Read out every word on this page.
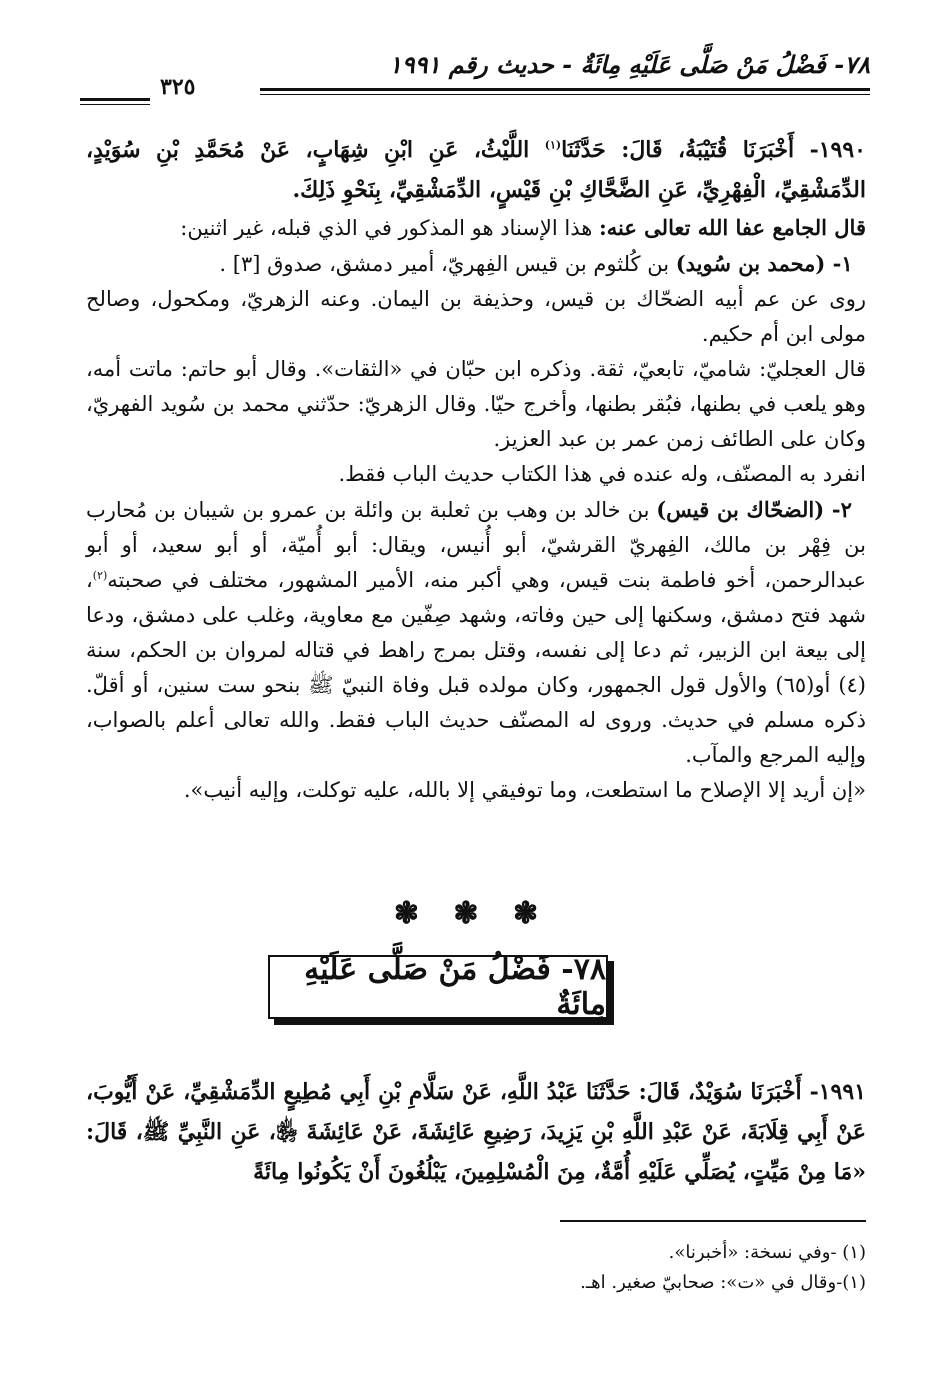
٧٨- فَضْلُ مَنْ صَلَّى عَلَيْهِ مِائَةٌ - حديث رقم ١٩٩١
٣٢٥

١٩٩٠- أَخْبَرَنَا قُتَيْبَةُ، قَالَ: حَدَّثَنَا$^{(١)}$ اللَّيْثُ، عَنِ ابْنِ شِهَابٍ، عَنْ مُحَمَّدِ بْنِ سُوَيْدٍ، الدِّمَشْقِيِّ، الْفِهْرِيِّ، عَنِ الضَّحَّاكِ بْنِ قَيْسٍ، الدِّمَشْقِيِّ، بِنَحْوِ ذَلِكَ.

قال الجامع عفا الله تعالى عنه: هذا الإسناد هو المذكور في الذي قبله، غير اثنين:

١- (محمد بن سُويد) بن كُلثوم بن قيس الفِهريّ، أمير دمشق، صدوق [٣] .

روى عن عم أبيه الضحّاك بن قيس، وحذيفة بن اليمان. وعنه الزهريّ، ومكحول، وصالح مولى ابن أم حكيم.

قال العجليّ: شاميّ، تابعيّ، ثقة. وذكره ابن حبّان في «الثقات». وقال أبو حاتم: ماتت أمه، وهو يلعب في بطنها، فبُقر بطنها، وأخرج حيّا. وقال الزهريّ: حدّثني محمد بن سُويد الفهريّ، وكان على الطائف زمن عمر بن عبد العزيز.

انفرد به المصنّف، وله عنده في هذا الكتاب حديث الباب فقط.

٢- (الضحّاك بن قيس) بن خالد بن وهب بن ثعلبة بن وائلة بن عمرو بن شيبان بن مُحارب بن فِهْر بن مالك، الفِهريّ القرشيّ، أبو أُنيس، ويقال: أبو أُميّة، أو أبو سعيد، أو أبو عبدالرحمن، أخو فاطمة بنت قيس، وهي أكبر منه، الأمير المشهور، مختلف في صحبته$^{(٢)}$، شهد فتح دمشق، وسكنها إلى حين وفاته، وشهد صِفّين مع معاوية، وغلب على دمشق، ودعا إلى بيعة ابن الزبير، ثم دعا إلى نفسه، وقتل بمرج راهط في قتاله لمروان بن الحكم، سنة (٤) أو(٦٥) والأول قول الجمهور، وكان مولده قبل وفاة النبيّ ﷺ بنحو ست سنين، أو أقلّ. ذكره مسلم في حديث. وروى له المصنّف حديث الباب فقط. والله تعالى أعلم بالصواب، وإليه المرجع والمآب.

«إن أريد إلا الإصلاح ما استطعت، وما توفيقي إلا بالله، عليه توكلت، وإليه أنيب».

❃ ❃ ❃
٧٨- فَضْلُ مَنْ صَلَّى عَلَيْهِ مِائَةٌ

١٩٩١- أَخْبَرَنَا سُوَيْدٌ، قَالَ: حَدَّثَنَا عَبْدُ اللَّهِ، عَنْ سَلَّامِ بْنِ أَبِي مُطِيعٍ الدِّمَشْقِيِّ، عَنْ أَيُّوبَ، عَنْ أَبِي قِلَابَةَ، عَنْ عَبْدِ اللَّهِ بْنِ يَزِيدَ، رَضِيعِ عَائِشَةَ، عَنْ عَائِشَةَ ﵂، عَنِ النَّبِيِّ ﷺ، قَالَ: «مَا مِنْ مَيِّتٍ، يُصَلِّي عَلَيْهِ أُمَّةٌ، مِنَ الْمُسْلِمِينَ، يَبْلُغُونَ أَنْ يَكُونُوا مِائَةً

(١) -وفي نسخة: «أخبرنا».

(١)-وقال في «ت»: صحابيّ صغير. اهـ.
